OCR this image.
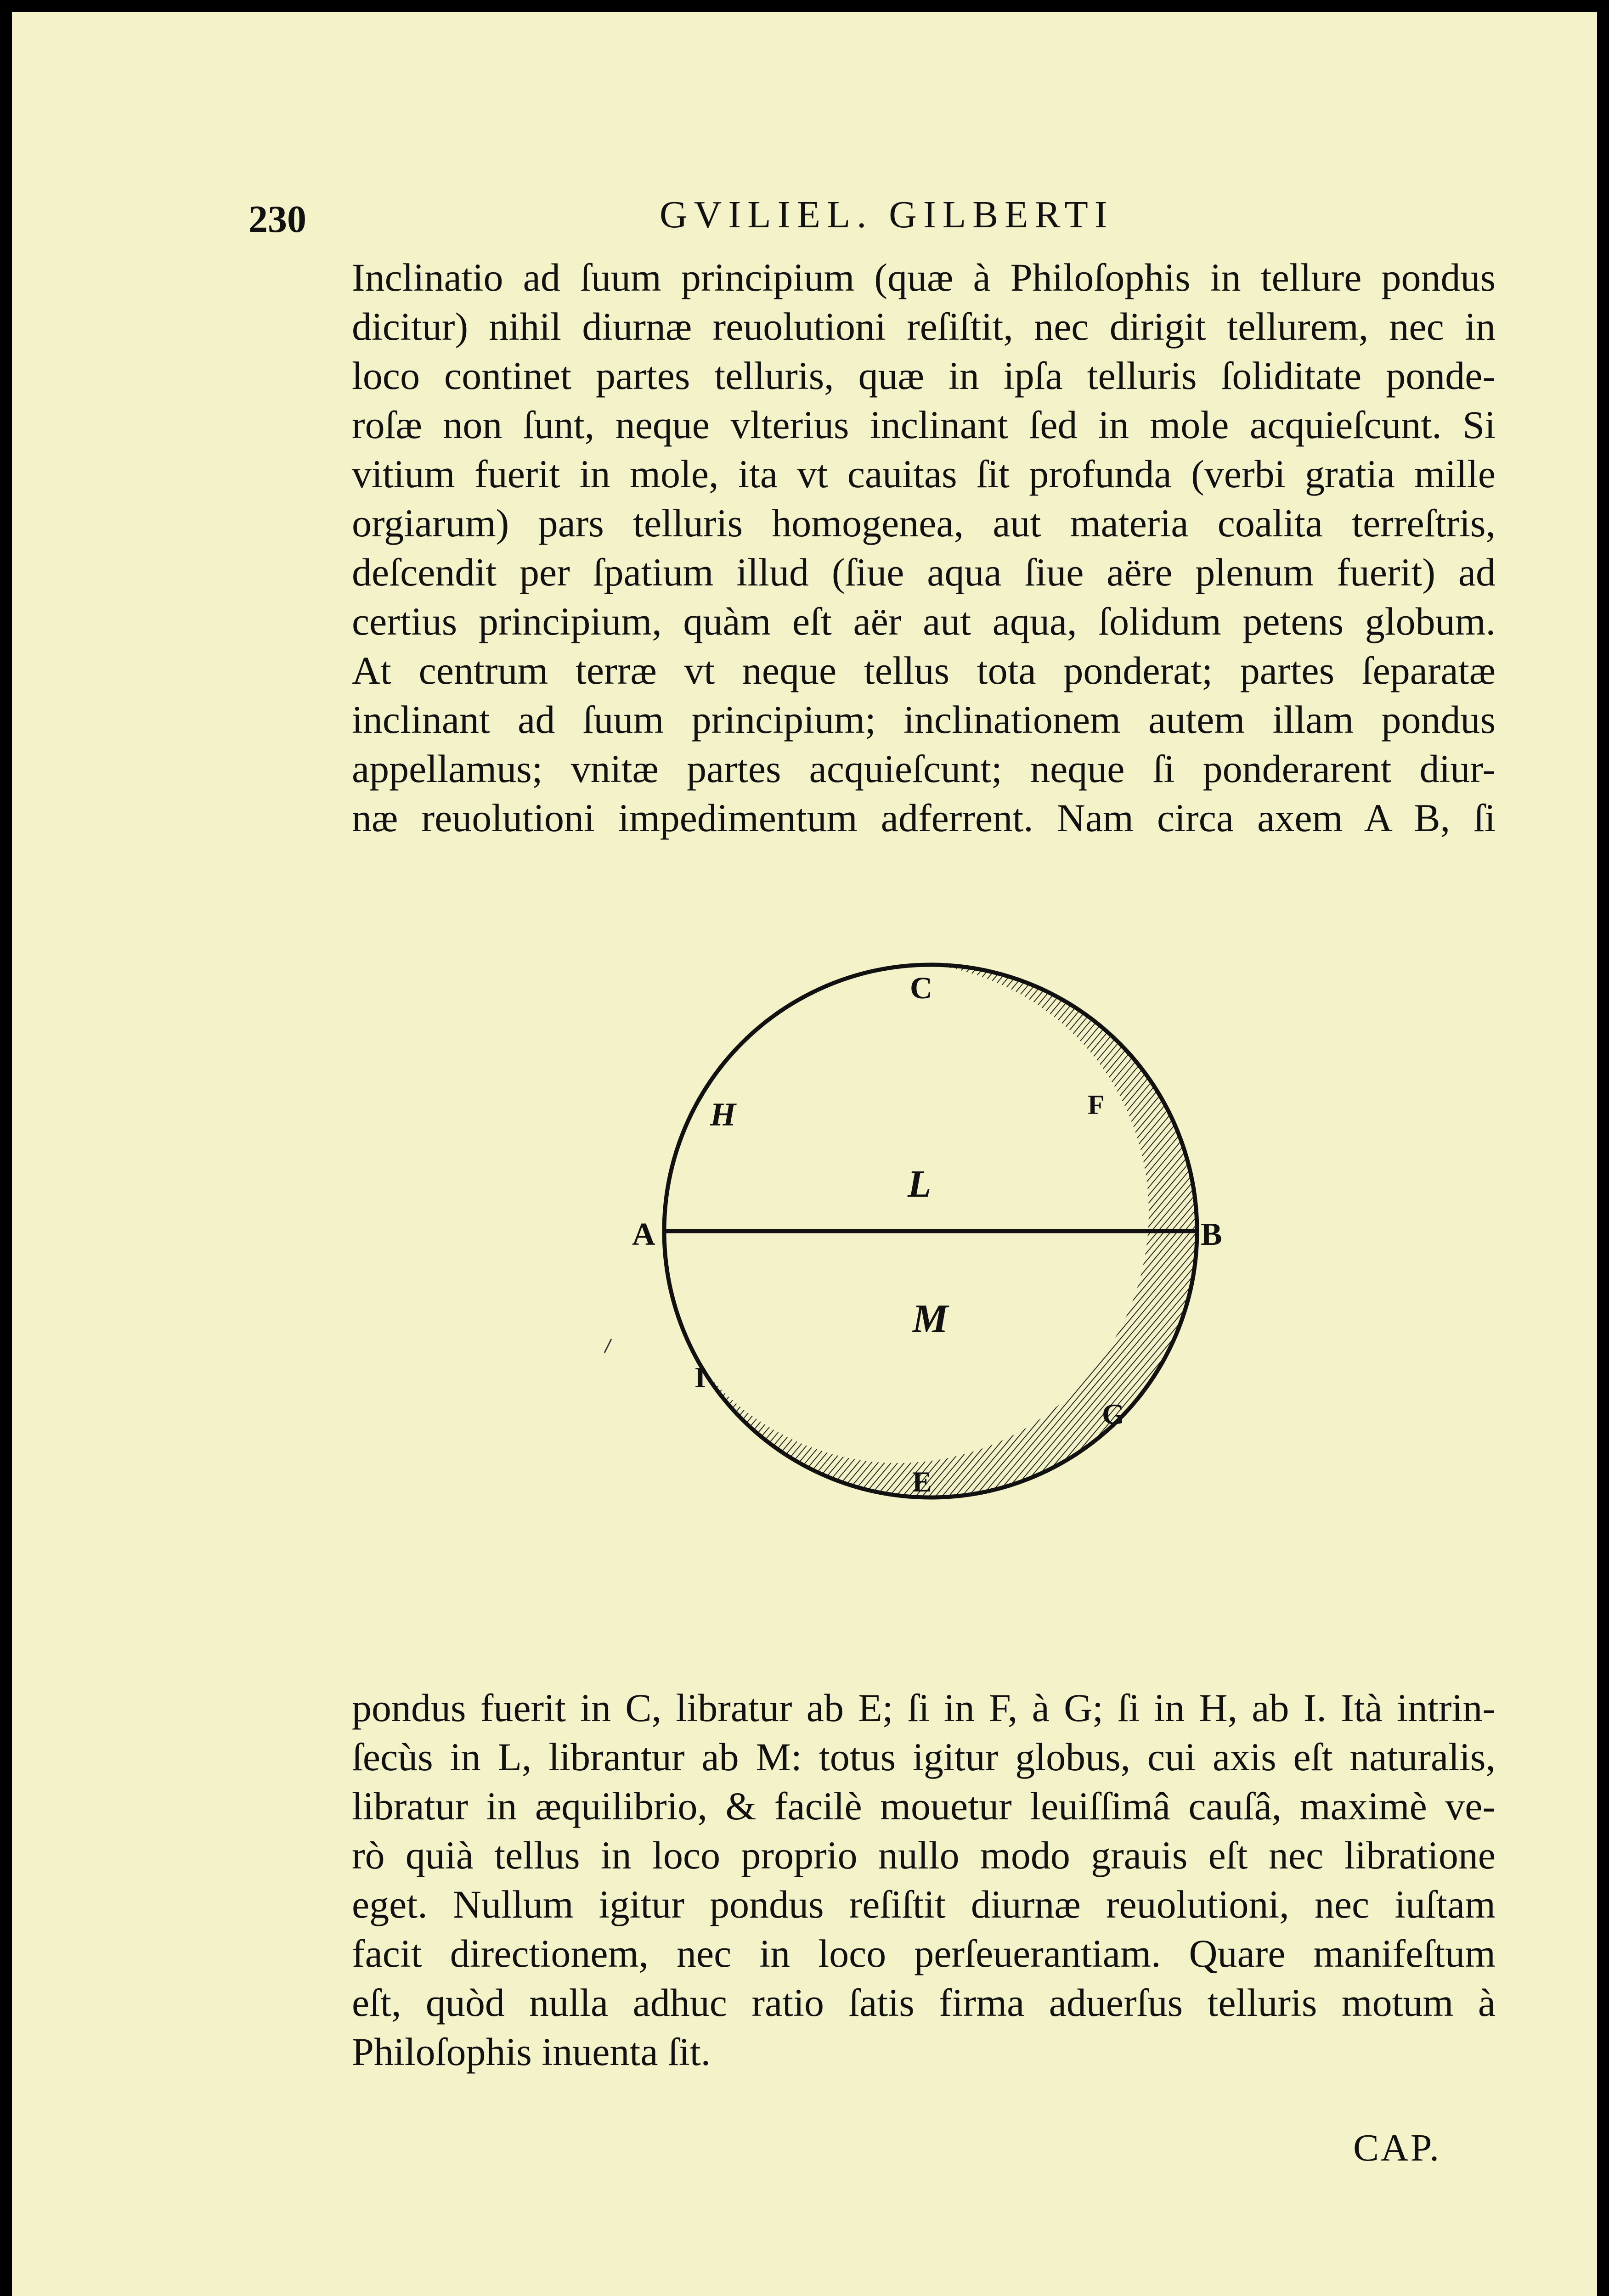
230	GVILIEL. GILBERTI
Inclinatio ad ſuum principium (quæ à Philoſophis in tellure pondus
dicitur) nihil diurnæ reuolutioni reſiſtit, nec dirigit tellurem, nec in
loco continet partes telluris, quæ in ipſa telluris ſoliditate ponde-
roſæ non ſunt, neque vlterius inclinant ſed in mole acquieſcunt. Si
vitium fuerit in mole, ita vt cauitas ſit profunda (verbi gratia mille
orgiarum) pars telluris homogenea, aut materia coalita terreſtris,
deſcendit per ſpatium illud (ſiue aqua ſiue aëre plenum fuerit) ad
certius principium, quàm eſt aër aut aqua, ſolidum petens globum.
At centrum terræ vt neque tellus tota ponderat; partes ſeparatæ
inclinant ad ſuum principium; inclinationem autem illam pondus
appellamus; vnitæ partes acquieſcunt; neque ſi ponderarent diur-
næ reuolutioni impedimentum adferrent. Nam circa axem A B, ſi
A	B
C
E
F
G
H
I
L
M
pondus fuerit in C, libratur ab E; ſi in F, à G; ſi in H, ab I. Ità intrin-
ſecùs in L, librantur ab M: totus igitur globus, cui axis eſt naturalis,
libratur in æquilibrio, & facilè mouetur leuiſſimâ cauſâ, maximè ve-
rò quià tellus in loco proprio nullo modo grauis eſt nec libratione
eget. Nullum igitur pondus reſiſtit diurnæ reuolutioni, nec iuſtam
facit directionem, nec in loco perſeuerantiam. Quare manifeſtum
eſt, quòd nulla adhuc ratio ſatis firma aduerſus telluris motum à
Philoſophis inuenta ſit.
CAP.
